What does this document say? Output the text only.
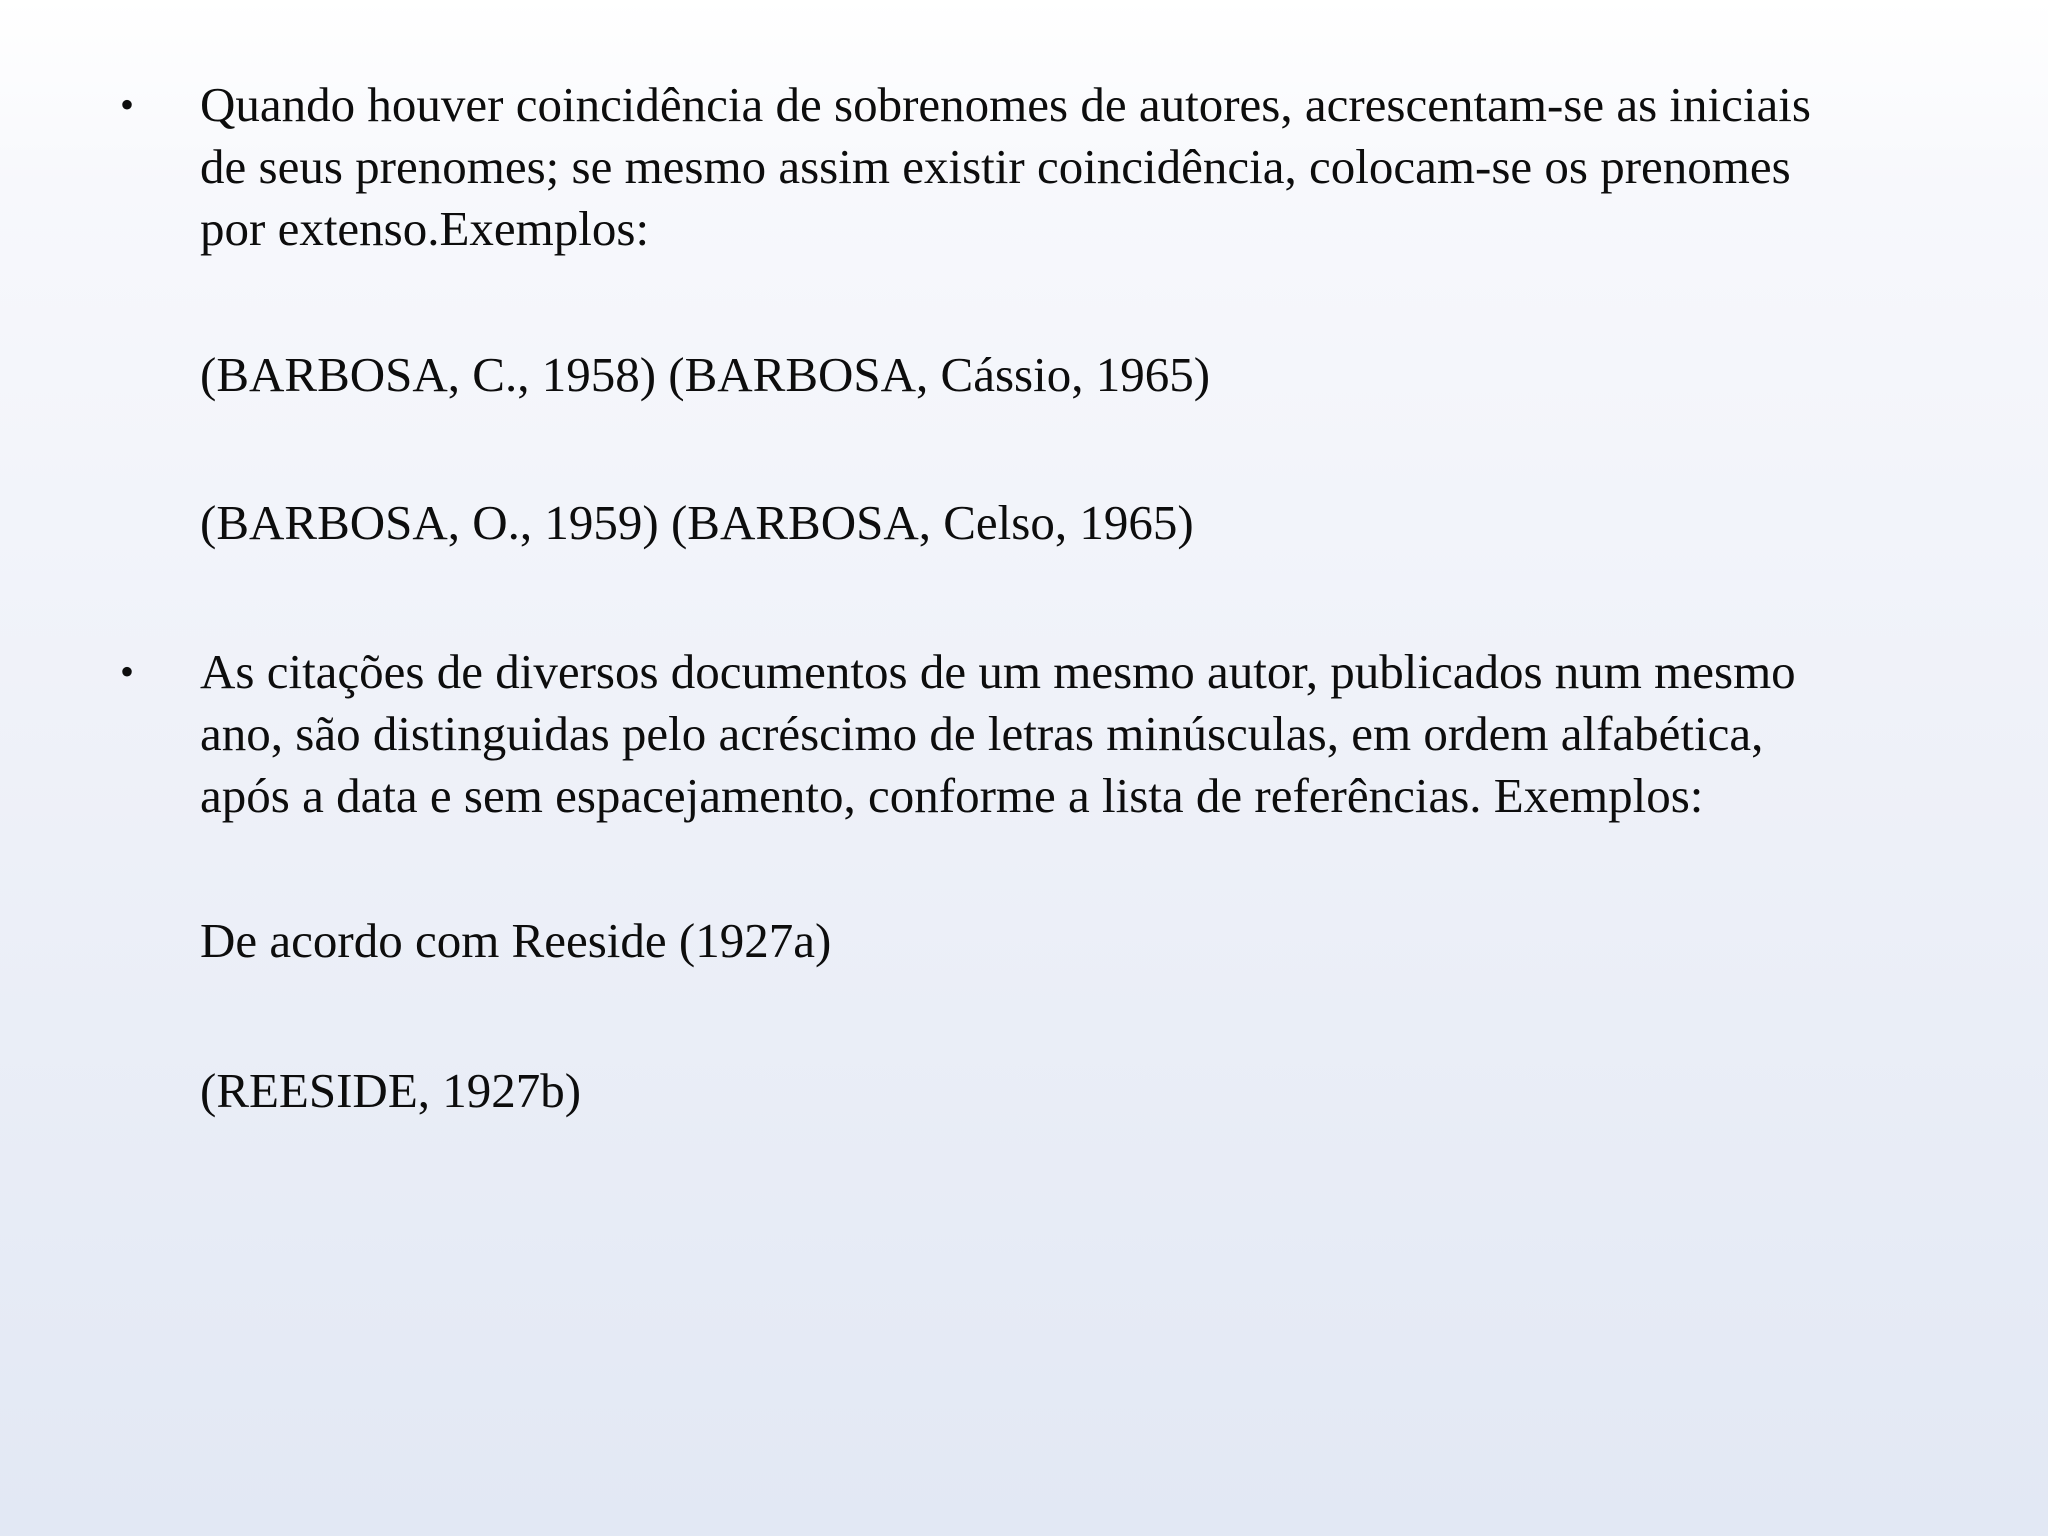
• Quando houver coincidência de sobrenomes de autores, acrescentam-se as iniciais
de seus prenomes; se mesmo assim existir coincidência, colocam-se os prenomes
por extenso.Exemplos:

(BARBOSA, C., 1958) (BARBOSA, Cássio, 1965)
(BARBOSA, O., 1959) (BARBOSA, Celso, 1965)
• As citações de diversos documentos de um mesmo autor, publicados num mesmo
ano, são distinguidas pelo acréscimo de letras minúsculas, em ordem alfabética,
após a data e sem espacejamento, conforme a lista de referências. Exemplos:

De acordo com Reeside (1927a)
(REESIDE, 1927b)
